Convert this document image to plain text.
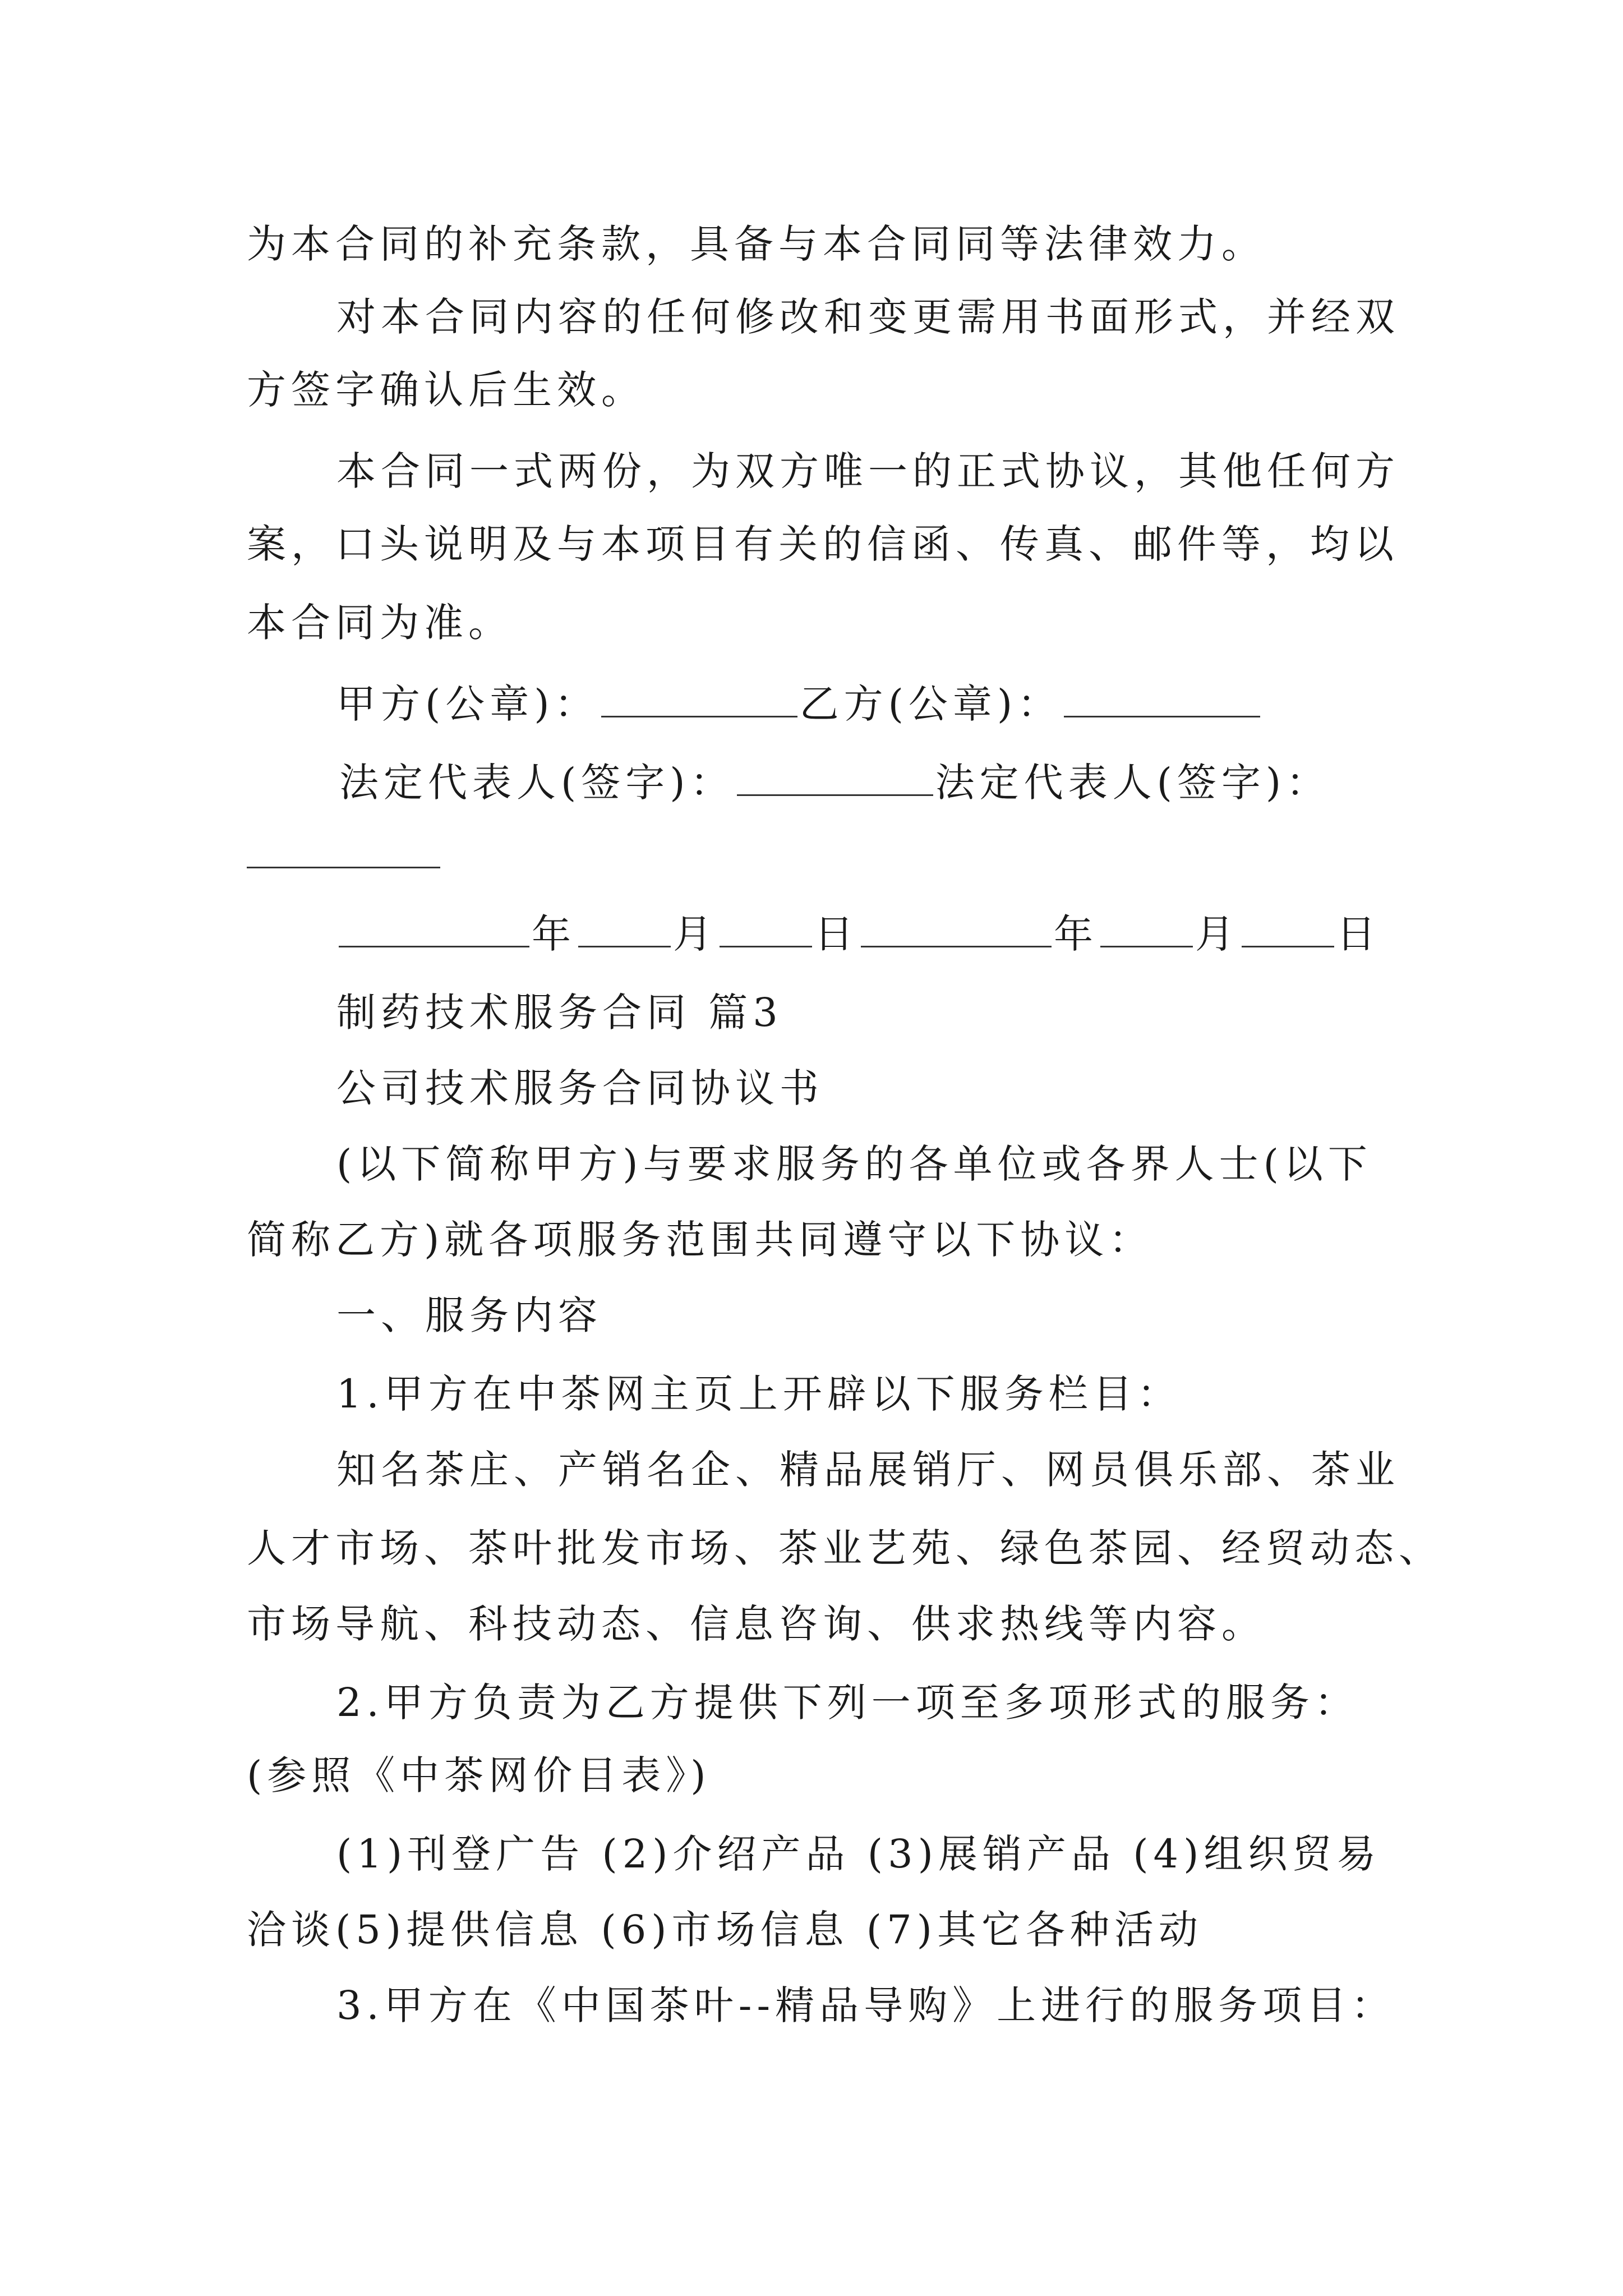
为本合同的补充条款，具备与本合同同等法律效力。

对本合同内容的任何修改和变更需用书面形式，并经双

方签字确认后生效。

本合同一式两份，为双方唯一的正式协议，其他任何方

案，口头说明及与本项目有关的信函、传真、邮件等，均以

本合同为准。

甲方(公章)：	乙方(公章)：

法定代表人(签字)：	法定代表人(签字)：

年 月 日	年 月 日

制药技术服务合同 篇3

公司技术服务合同协议书

(以下简称甲方)与要求服务的各单位或各界人士(以下

简称乙方)就各项服务范围共同遵守以下协议：

一、服务内容

1.甲方在中茶网主页上开辟以下服务栏目：

知名茶庄、产销名企、精品展销厅、网员俱乐部、茶业

人才市场、茶叶批发市场、茶业艺苑、绿色茶园、经贸动态、

市场导航、科技动态、信息咨询、供求热线等内容。

2.甲方负责为乙方提供下列一项至多项形式的服务：

(参照《中茶网价目表》)

(1)刊登广告 (2)介绍产品 (3)展销产品 (4)组织贸易

洽谈(5)提供信息 (6)市场信息 (7)其它各种活动

3.甲方在《中国茶叶--精品导购》上进行的服务项目：
